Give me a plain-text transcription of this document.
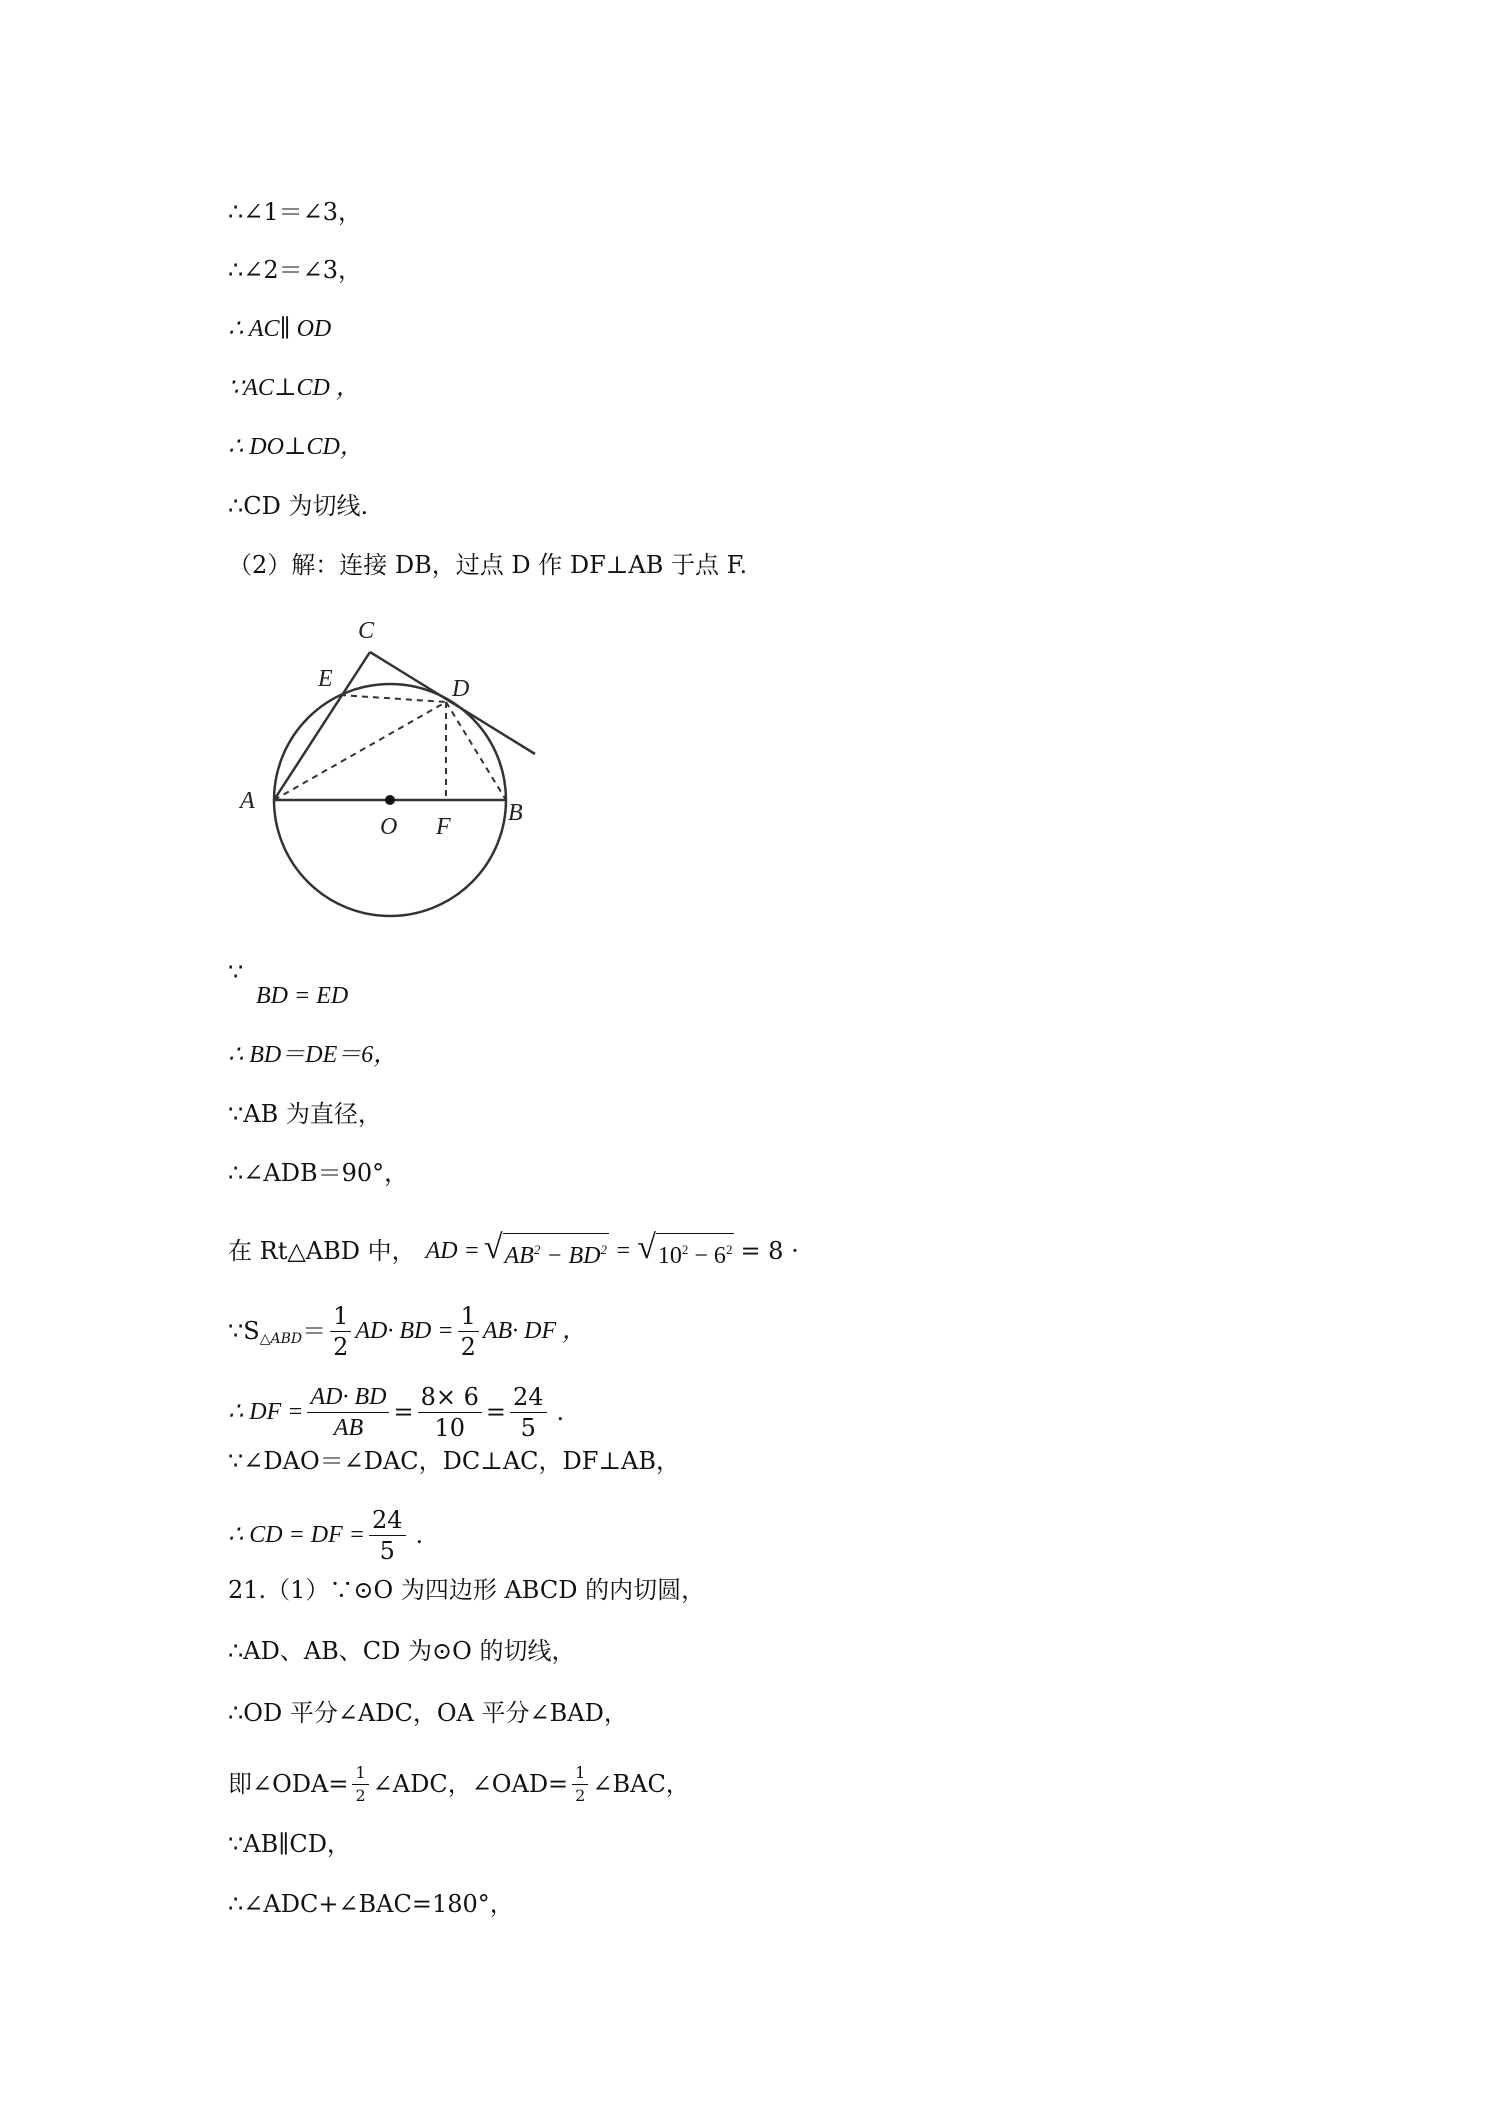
∴∠1＝∠3，
∴∠2＝∠3，
∴ AC∥ OD
∵AC⊥CD ，
∴ DO⊥CD，
∴CD 为切线.
（2）解：连接 DB，过点 D 作 DF⊥AB 于点 F.
C
E	D
A
O F
B
∵
BD = ED
∴ BD＝DE＝6，
∵AB 为直径，
∴∠ADB＝90°，
在 Rt△ABD 中， AD = √ $AB^2 - BD^2$ = √ $10^2 - 6^2 = 8$ ·
∵S △ABD ＝ $\frac{1}{2} AD\cdot$ BD = $\frac{1}{2} AB\cdot$ DF ，
∴ DF = $\frac{AD\cdot BD}{AB} = \frac{8\times 6}{10} = \frac{24}{5}$ .
∵∠DAO＝∠DAC，DC⊥AC，DF⊥AB，
∴ CD = DF = $\frac{24}{5}$ .
21.（1）∵⊙O 为四边形 ABCD 的内切圆，
∴AD、AB、CD 为⊙O 的切线，
∴OD 平分∠ADC，OA 平分∠BAD，
即∠ODA= $\frac{1}{2}$ ∠ADC，∠OAD= $\frac{1}{2}$ ∠BAC，
∵AB∥CD，
∴∠ADC+∠BAC=180°，
